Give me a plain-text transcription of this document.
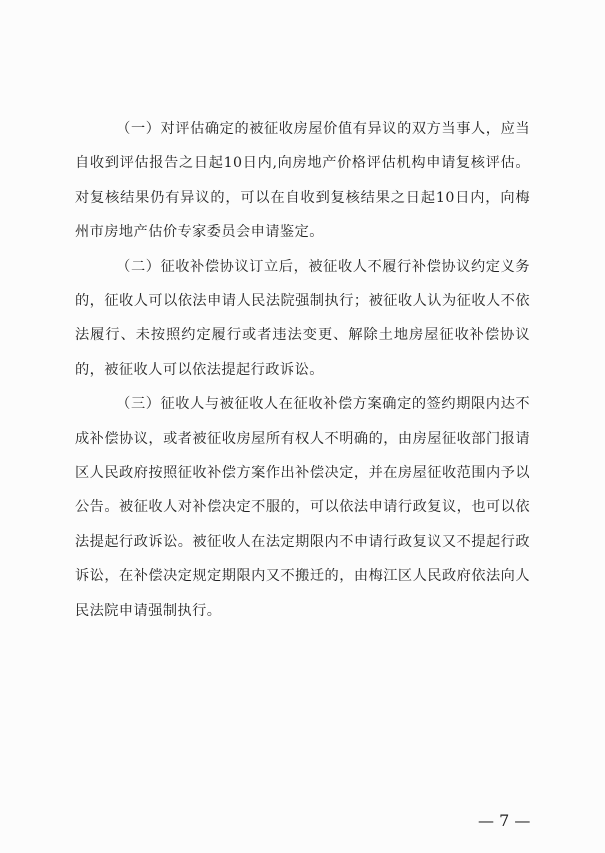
（一）对评估确定的被征收房屋价值有异议的双方当事人，应当自收到评估报告之日起10日内,向房地产价格评估机构申请复核评估。对复核结果仍有异议的，可以在自收到复核结果之日起10日内，向梅州市房地产估价专家委员会申请鉴定。

（二）征收补偿协议订立后，被征收人不履行补偿协议约定义务的，征收人可以依法申请人民法院强制执行；被征收人认为征收人不依法履行、未按照约定履行或者违法变更、解除土地房屋征收补偿协议的，被征收人可以依法提起行政诉讼。

（三）征收人与被征收人在征收补偿方案确定的签约期限内达不成补偿协议，或者被征收房屋所有权人不明确的，由房屋征收部门报请区人民政府按照征收补偿方案作出补偿决定，并在房屋征收范围内予以公告。被征收人对补偿决定不服的，可以依法申请行政复议，也可以依法提起行政诉讼。被征收人在法定期限内不申请行政复议又不提起行政诉讼，在补偿决定规定期限内又不搬迁的，由梅江区人民政府依法向人民法院申请强制执行。

— 7 —
